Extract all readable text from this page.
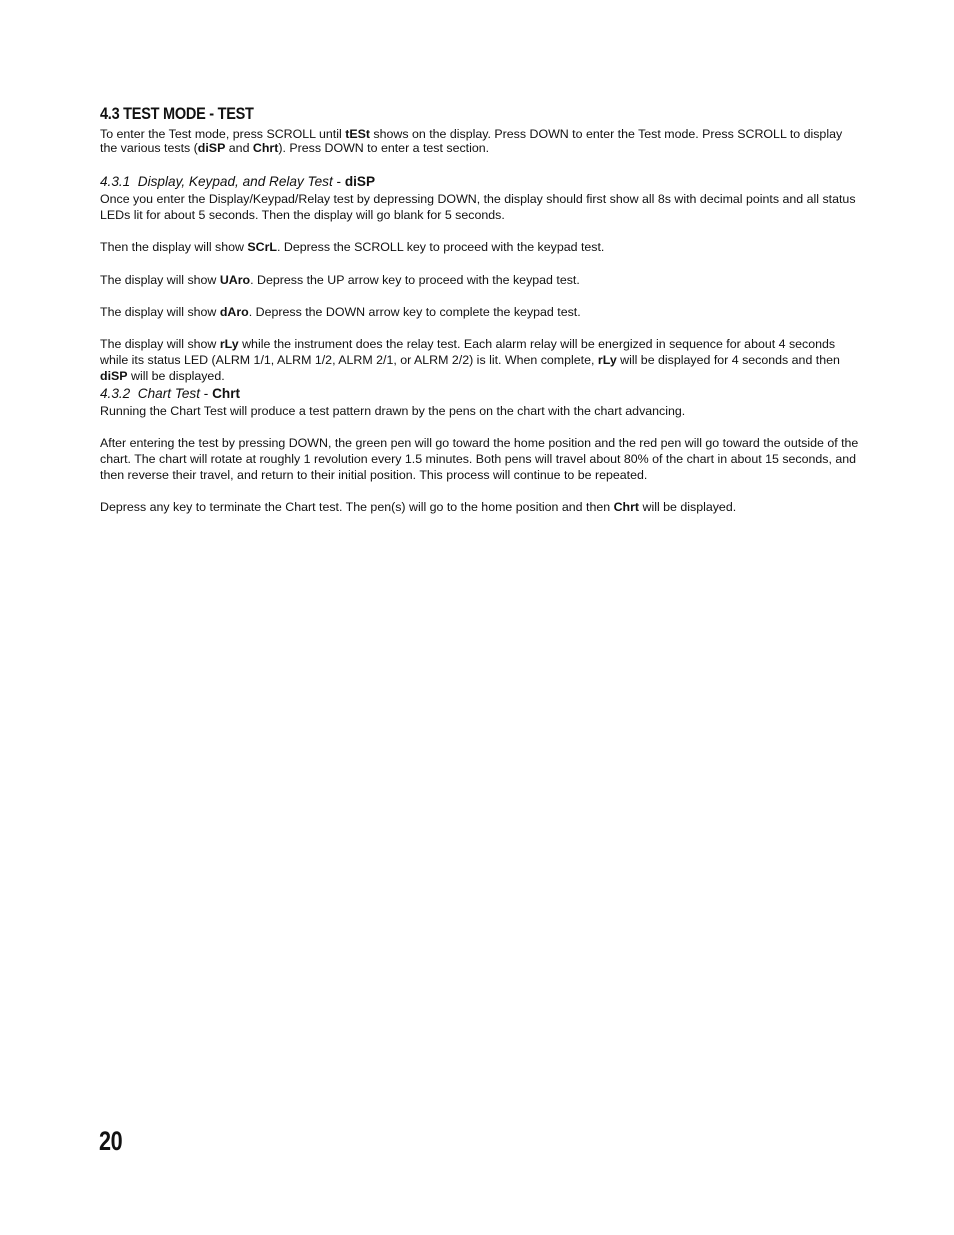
4.3 TEST MODE - TEST

To enter the Test mode, press SCROLL until tESt shows on the display. Press DOWN to enter the Test mode. Press SCROLL to display the various tests (diSP and Chrt). Press DOWN to enter a test section.

4.3.1 Display, Keypad, and Relay Test - diSP

Once you enter the Display/Keypad/Relay test by depressing DOWN, the display should first show all 8s with decimal points and all status LEDs lit for about 5 seconds. Then the display will go blank for 5 seconds.

Then the display will show SCrL. Depress the SCROLL key to proceed with the keypad test.

The display will show UAro. Depress the UP arrow key to proceed with the keypad test.

The display will show dAro. Depress the DOWN arrow key to complete the keypad test.

The display will show rLy while the instrument does the relay test. Each alarm relay will be energized in sequence for about 4 seconds while its status LED (ALRM 1/1, ALRM 1/2, ALRM 2/1, or ALRM 2/2) is lit. When complete, rLy will be displayed for 4 seconds and then diSP will be displayed.

4.3.2 Chart Test - Chrt

Running the Chart Test will produce a test pattern drawn by the pens on the chart with the chart advancing.

After entering the test by pressing DOWN, the green pen will go toward the home position and the red pen will go toward the outside of the chart. The chart will rotate at roughly 1 revolution every 1.5 minutes. Both pens will travel about 80% of the chart in about 15 seconds, and then reverse their travel, and return to their initial position. This process will continue to be repeated.

Depress any key to terminate the Chart test. The pen(s) will go to the home position and then Chrt will be displayed.

20
